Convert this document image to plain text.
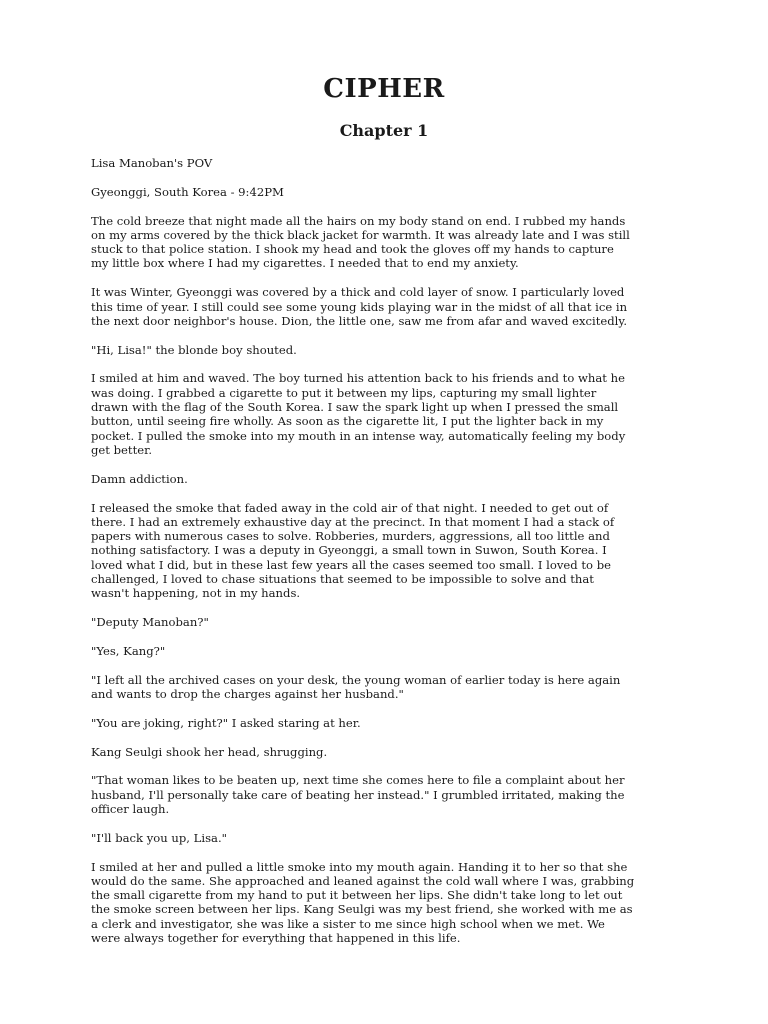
CIPHER
Chapter 1

Lisa Manoban's POV

Gyeonggi, South Korea - 9:42PM

The cold breeze that night made all the hairs on my body stand on end. I rubbed my hands
on my arms covered by the thick black jacket for warmth. It was already late and I was still
stuck to that police station. I shook my head and took the gloves off my hands to capture
my little box where I had my cigarettes. I needed that to end my anxiety.

It was Winter, Gyeonggi was covered by a thick and cold layer of snow. I particularly loved
this time of year. I still could see some young kids playing war in the midst of all that ice in
the next door neighbor's house. Dion, the little one, saw me from afar and waved excitedly.

"Hi, Lisa!" the blonde boy shouted.

I smiled at him and waved. The boy turned his attention back to his friends and to what he
was doing. I grabbed a cigarette to put it between my lips, capturing my small lighter
drawn with the flag of the South Korea. I saw the spark light up when I pressed the small
button, until seeing fire wholly. As soon as the cigarette lit, I put the lighter back in my
pocket. I pulled the smoke into my mouth in an intense way, automatically feeling my body
get better.

Damn addiction.

I released the smoke that faded away in the cold air of that night. I needed to get out of
there. I had an extremely exhaustive day at the precinct. In that moment I had a stack of
papers with numerous cases to solve. Robberies, murders, aggressions, all too little and
nothing satisfactory. I was a deputy in Gyeonggi, a small town in Suwon, South Korea. I
loved what I did, but in these last few years all the cases seemed too small. I loved to be
challenged, I loved to chase situations that seemed to be impossible to solve and that
wasn't happening, not in my hands.

"Deputy Manoban?"

"Yes, Kang?"

"I left all the archived cases on your desk, the young woman of earlier today is here again
and wants to drop the charges against her husband."

"You are joking, right?" I asked staring at her.

Kang Seulgi shook her head, shrugging.

"That woman likes to be beaten up, next time she comes here to file a complaint about her
husband, I'll personally take care of beating her instead." I grumbled irritated, making the
officer laugh.

"I'll back you up, Lisa."

I smiled at her and pulled a little smoke into my mouth again. Handing it to her so that she
would do the same. She approached and leaned against the cold wall where I was, grabbing
the small cigarette from my hand to put it between her lips. She didn't take long to let out
the smoke screen between her lips. Kang Seulgi was my best friend, she worked with me as
a clerk and investigator, she was like a sister to me since high school when we met. We
were always together for everything that happened in this life.
